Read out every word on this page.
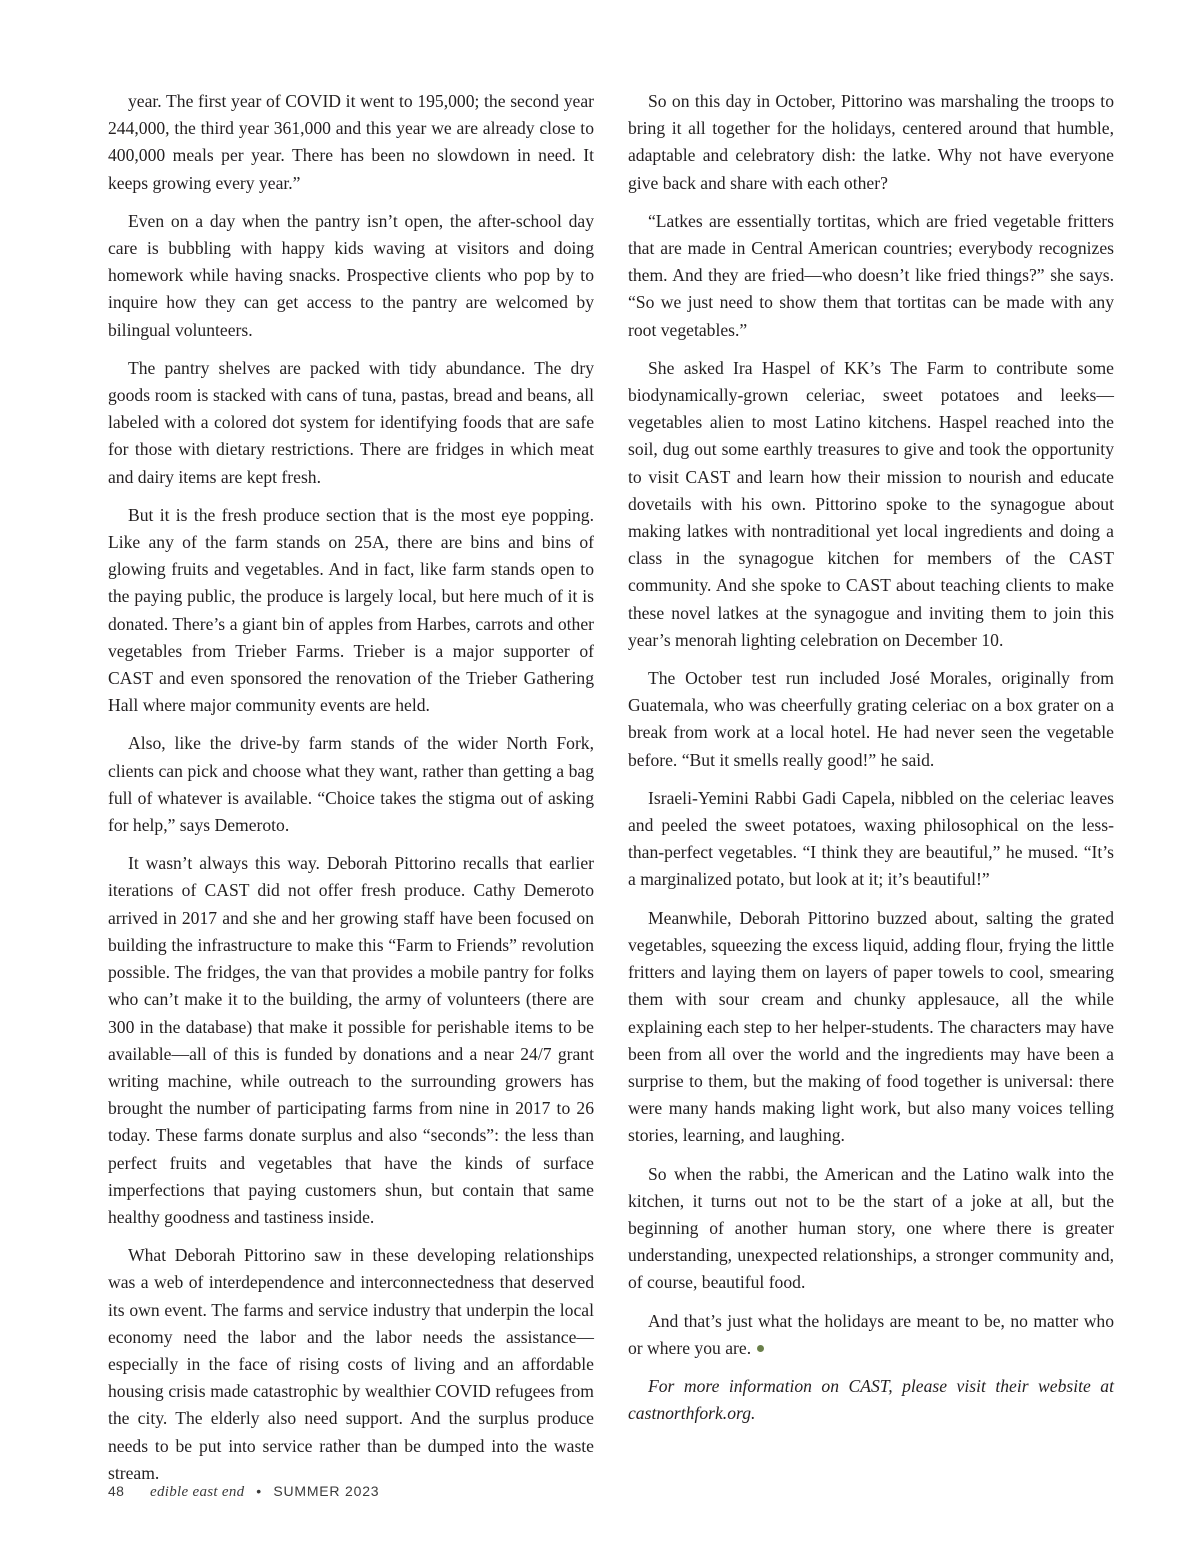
year. The first year of COVID it went to 195,000; the second year 244,000, the third year 361,000 and this year we are already close to 400,000 meals per year. There has been no slowdown in need. It keeps growing every year.”

Even on a day when the pantry isn’t open, the after-school day care is bubbling with happy kids waving at visitors and doing homework while having snacks. Prospective clients who pop by to inquire how they can get access to the pantry are welcomed by bilingual volunteers.

The pantry shelves are packed with tidy abundance. The dry goods room is stacked with cans of tuna, pastas, bread and beans, all labeled with a colored dot system for identifying foods that are safe for those with dietary restrictions. There are fridges in which meat and dairy items are kept fresh.

But it is the fresh produce section that is the most eye popping. Like any of the farm stands on 25A, there are bins and bins of glowing fruits and vegetables. And in fact, like farm stands open to the paying public, the produce is largely local, but here much of it is donated. There’s a giant bin of apples from Harbes, carrots and other vegetables from Trieber Farms. Trieber is a major supporter of CAST and even sponsored the renovation of the Trieber Gathering Hall where major community events are held.

Also, like the drive-by farm stands of the wider North Fork, clients can pick and choose what they want, rather than getting a bag full of whatever is available. “Choice takes the stigma out of asking for help,” says Demeroto.

It wasn’t always this way. Deborah Pittorino recalls that earlier iterations of CAST did not offer fresh produce. Cathy Demeroto arrived in 2017 and she and her growing staff have been focused on building the infrastructure to make this “Farm to Friends” revolution possible. The fridges, the van that provides a mobile pantry for folks who can’t make it to the building, the army of volunteers (there are 300 in the database) that make it possible for perishable items to be available—all of this is funded by donations and a near 24/7 grant writing machine, while outreach to the surrounding growers has brought the number of participating farms from nine in 2017 to 26 today. These farms donate surplus and also “seconds”: the less than perfect fruits and vegetables that have the kinds of surface imperfections that paying customers shun, but contain that same healthy goodness and tastiness inside.

What Deborah Pittorino saw in these developing relationships was a web of interdependence and interconnectedness that deserved its own event. The farms and service industry that underpin the local economy need the labor and the labor needs the assistance—especially in the face of rising costs of living and an affordable housing crisis made catastrophic by wealthier COVID refugees from the city. The elderly also need support. And the surplus produce needs to be put into service rather than be dumped into the waste stream.

So on this day in October, Pittorino was marshaling the troops to bring it all together for the holidays, centered around that humble, adaptable and celebratory dish: the latke. Why not have everyone give back and share with each other?

“Latkes are essentially tortitas, which are fried vegetable fritters that are made in Central American countries; everybody recognizes them. And they are fried—who doesn’t like fried things?” she says. “So we just need to show them that tortitas can be made with any root vegetables.”

She asked Ira Haspel of KK’s The Farm to contribute some biodynamically-grown celeriac, sweet potatoes and leeks—vegetables alien to most Latino kitchens. Haspel reached into the soil, dug out some earthly treasures to give and took the opportunity to visit CAST and learn how their mission to nourish and educate dovetails with his own. Pittorino spoke to the synagogue about making latkes with nontraditional yet local ingredients and doing a class in the synagogue kitchen for members of the CAST community. And she spoke to CAST about teaching clients to make these novel latkes at the synagogue and inviting them to join this year’s menorah lighting celebration on December 10.

The October test run included José Morales, originally from Guatemala, who was cheerfully grating celeriac on a box grater on a break from work at a local hotel. He had never seen the vegetable before. “But it smells really good!” he said.

Israeli-Yemini Rabbi Gadi Capela, nibbled on the celeriac leaves and peeled the sweet potatoes, waxing philosophical on the less-than-perfect vegetables. “I think they are beautiful,” he mused. “It’s a marginalized potato, but look at it; it’s beautiful!”

Meanwhile, Deborah Pittorino buzzed about, salting the grated vegetables, squeezing the excess liquid, adding flour, frying the little fritters and laying them on layers of paper towels to cool, smearing them with sour cream and chunky applesauce, all the while explaining each step to her helper-students. The characters may have been from all over the world and the ingredients may have been a surprise to them, but the making of food together is universal: there were many hands making light work, but also many voices telling stories, learning, and laughing.

So when the rabbi, the American and the Latino walk into the kitchen, it turns out not to be the start of a joke at all, but the beginning of another human story, one where there is greater understanding, unexpected relationships, a stronger community and, of course, beautiful food.

And that’s just what the holidays are meant to be, no matter who or where you are.

For more information on CAST, please visit their website at castnorthfork.org.

48 edible east end • SUMMER 2023
